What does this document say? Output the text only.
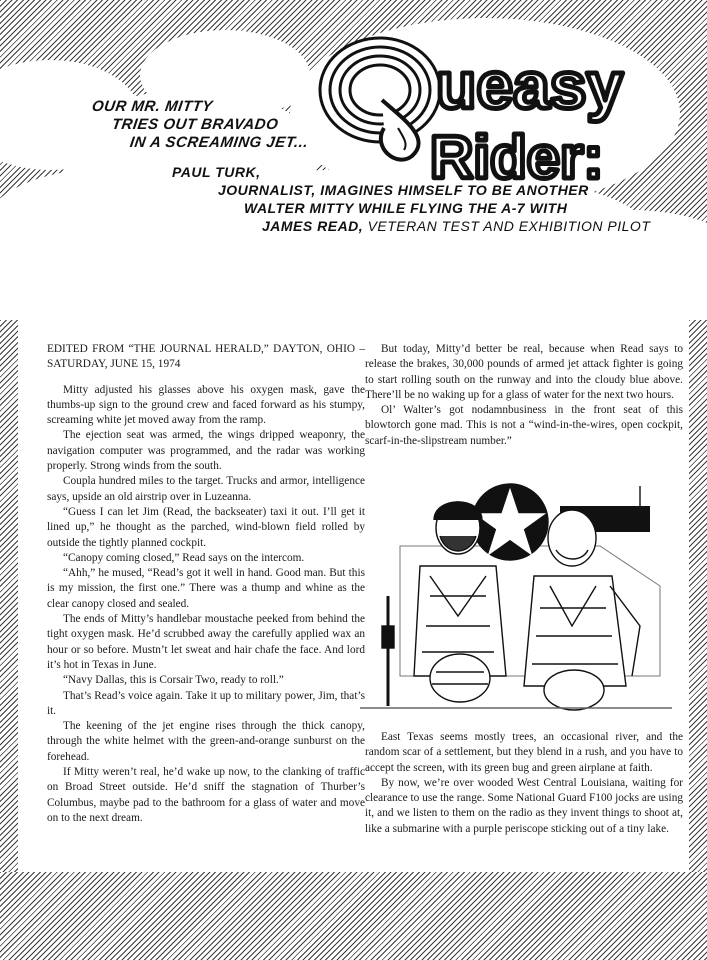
OUR MR. MITTY
TRIES OUT BRAVADO
IN A SCREAMING JET...
ueasy
Rider:
PAUL TURK,
JOURNALIST, IMAGINES HIMSELF TO BE ANOTHER
WALTER MITTY WHILE FLYING THE A-7 WITH
JAMES READ, VETERAN TEST AND EXHIBITION PILOT

EDITED FROM “THE JOURNAL HERALD,” DAYTON, OHIO – SATURDAY, JUNE 15, 1974

Mitty adjusted his glasses above his oxygen mask, gave the thumbs-up sign to the ground crew and faced forward as his stumpy, screaming white jet moved away from the ramp.

The ejection seat was armed, the wings dripped weaponry, the navigation computer was programmed, and the radar was working properly. Strong winds from the south.

Coupla hundred miles to the target. Trucks and armor, intelligence says, upside an old airstrip over in Luzeanna.

“Guess I can let Jim (Read, the backseater) taxi it out. I’ll get it lined up,” he thought as the parched, wind-blown field rolled by outside the tightly planned cockpit.

“Canopy coming closed,” Read says on the intercom.

“Ahh,” he mused, “Read’s got it well in hand. Good man. But this is my mission, the first one.” There was a thump and whine as the clear canopy closed and sealed.

The ends of Mitty’s handlebar moustache peeked from behind the tight oxygen mask. He’d scrubbed away the carefully applied wax an hour or so before. Mustn’t let sweat and hair chafe the face. And lord it’s hot in Texas in June.

“Navy Dallas, this is Corsair Two, ready to roll.”

That’s Read’s voice again. Take it up to military power, Jim, that’s it.

The keening of the jet engine rises through the thick canopy, through the white helmet with the green-and-orange sunburst on the forehead.

If Mitty weren’t real, he’d wake up now, to the clanking of traffic on Broad Street outside. He’d sniff the stagnation of Thurber’s Columbus, maybe pad to the bathroom for a glass of water and move on to the next dream.

But today, Mitty’d better be real, because when Read says to release the brakes, 30,000 pounds of armed jet attack fighter is going to start rolling south on the runway and into the cloudy blue above. There’ll be no waking up for a glass of water for the next two hours.

Ol’ Walter’s got nodamnbusiness in the front seat of this blowtorch gone mad. This is not a “wind-in-the-wires, open cockpit, scarf-in-the-slipstream number.”

East Texas seems mostly trees, an occasional river, and the random scar of a settlement, but they blend in a rush, and you have to accept the screen, with its green bug and green airplane at faith.

By now, we’re over wooded West Central Louisiana, waiting for clearance to use the range. Some National Guard F100 jocks are using it, and we listen to them on the radio as they invent things to shoot at, like a submarine with a purple periscope sticking out of a tiny lake.
